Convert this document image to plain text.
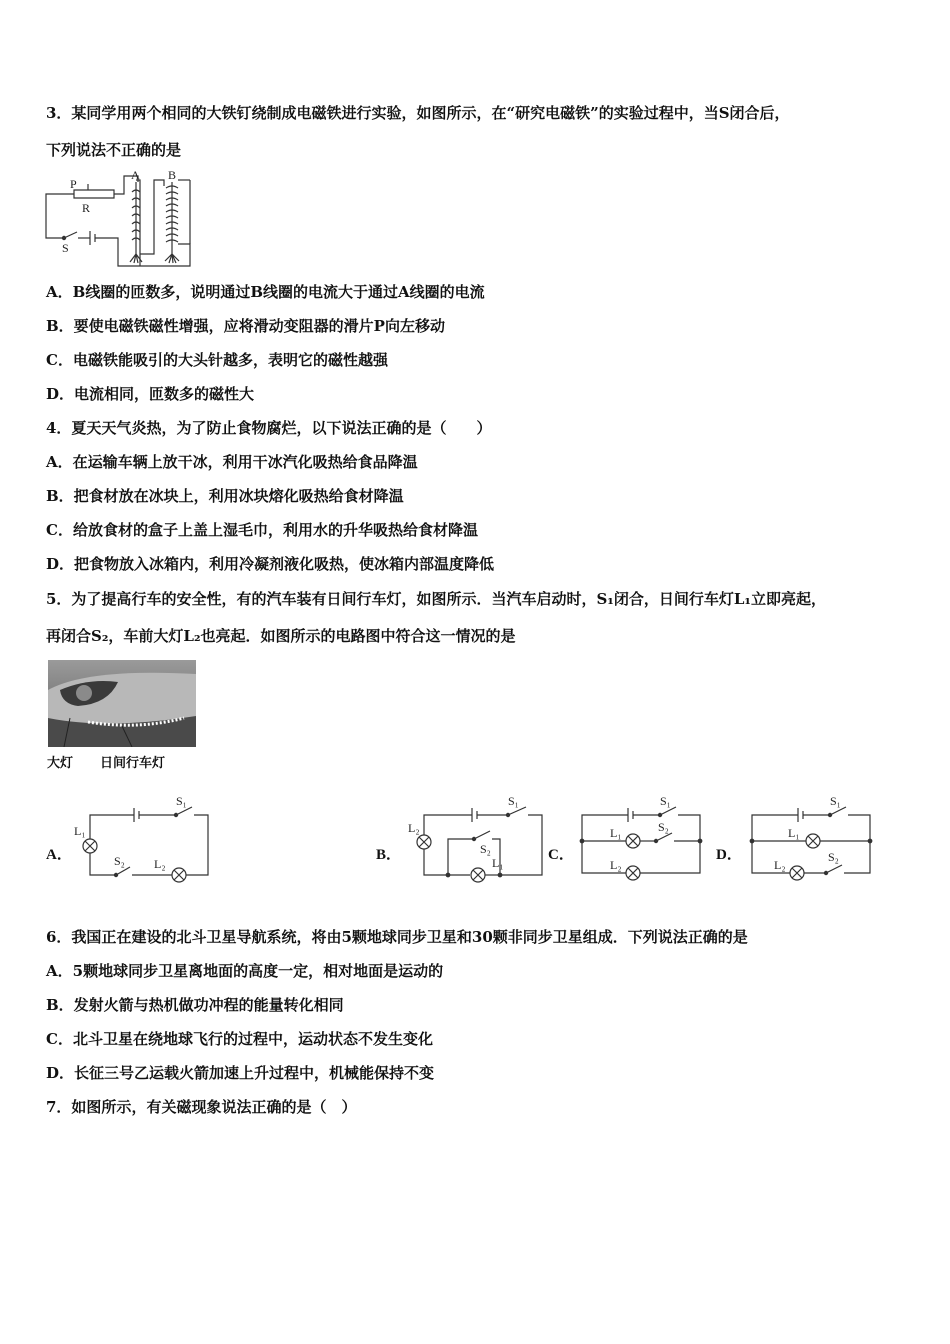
3．某同学用两个相同的大铁钉绕制成电磁铁进行实验，如图所示，在“研究电磁铁”的实验过程中，当S闭合后，
下列说法不正确的是
P
R
S
A B
A．B线圈的匝数多，说明通过B线圈的电流大于通过A线圈的电流
B．要使电磁铁磁性增强，应将滑动变阻器的滑片P向左移动
C．电磁铁能吸引的大头针越多，表明它的磁性越强
D．电流相同，匝数多的磁性大
4．夏天天气炎热，为了防止食物腐烂，以下说法正确的是（　　）
A．在运输车辆上放干冰，利用干冰汽化吸热给食品降温
B．把食材放在冰块上，利用冰块熔化吸热给食材降温
C．给放食材的盒子上盖上湿毛巾，利用水的升华吸热给食材降温
D．把食物放入冰箱内，利用冷凝剂液化吸热，使冰箱内部温度降低
5．为了提高行车的安全性，有的汽车装有日间行车灯，如图所示．当汽车启动时，S₁闭合，日间行车灯L₁立即亮起，
再闭合S₂，车前大灯L₂也亮起．如图所示的电路图中符合这一情况的是
大灯 日间行车灯
A．	B．	C．	D．
S₁
L₁
S₂ L₂
S₁
L₂
S₂
L₁
S₁
L₁	S₂
L₂
S₁
L₁
L₂
S₂
6．我国正在建设的北斗卫星导航系统，将由5颗地球同步卫星和30颗非同步卫星组成．下列说法正确的是
A．5颗地球同步卫星离地面的高度一定，相对地面是运动的
B．发射火箭与热机做功冲程的能量转化相同
C．北斗卫星在绕地球飞行的过程中，运动状态不发生变化
D．长征三号乙运载火箭加速上升过程中，机械能保持不变
7．如图所示，有关磁现象说法正确的是（　）
